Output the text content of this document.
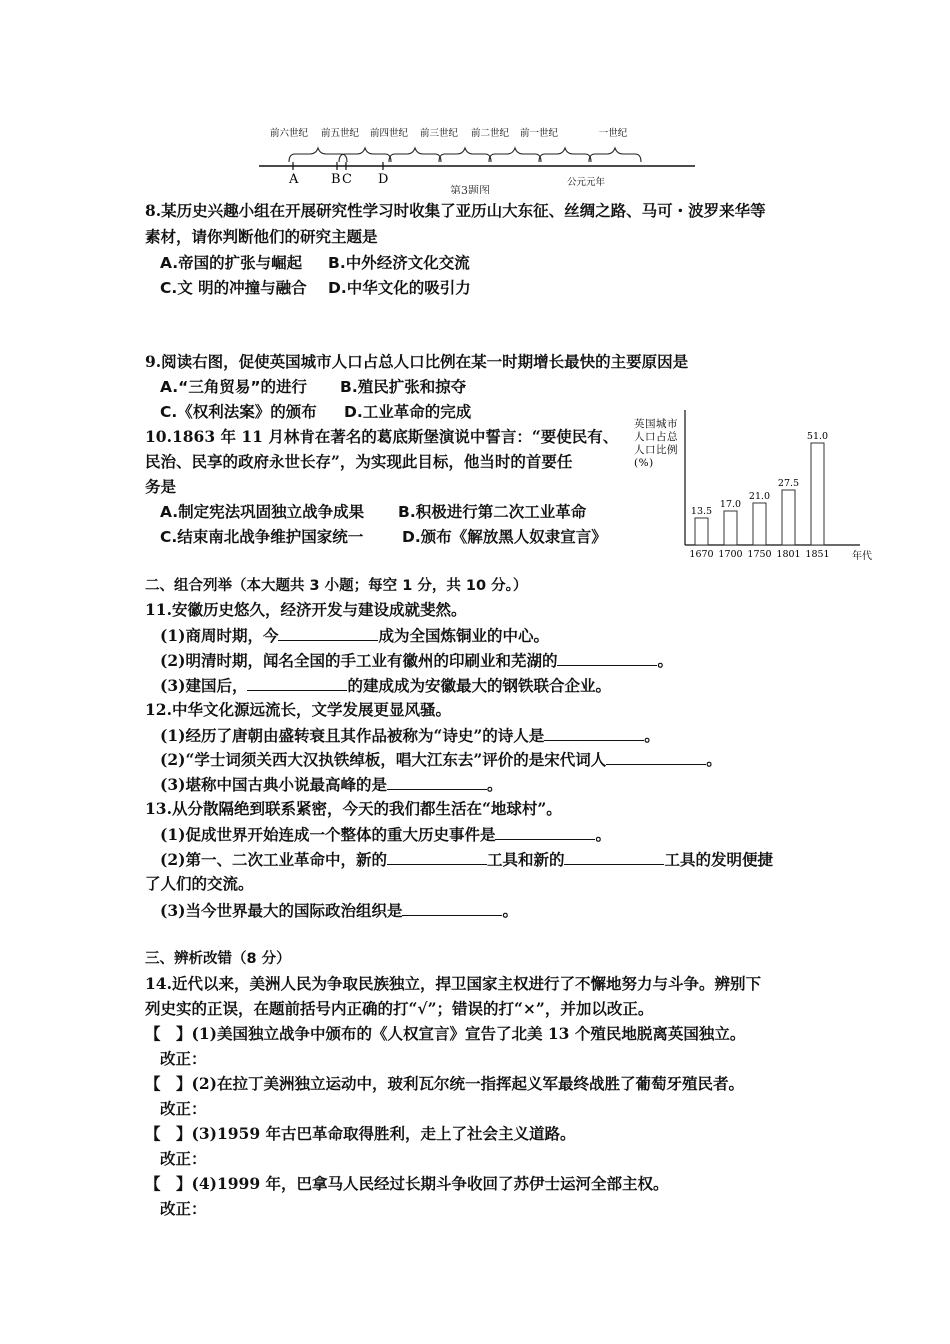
前六世纪 前五世纪 前四世纪 前三世纪 前二世纪 前一世纪	一世纪
A	B C D	公元元年
第3题图
8.某历史兴趣小组在开展研究性学习时收集了亚历山大东征、丝绸之路、马可・波罗来华等
素材，请你判断他们的研究主题是
A.帝国的扩张与崛起 B.中外经济文化交流
C.文 明的冲撞与融合 D.中华文化的吸引力
9.阅读右图，促使英国城市人口占总人口比例在某一时期增长最快的主要原因是
A.“三角贸易”的进行 B.殖民扩张和掠夺
C.《权利法案》的颁布 D.工业革命的完成
10.1863 年 11 月林肯在著名的葛底斯堡演说中誓言：“要使民有、
民治、民享的政府永世长存”，为实现此目标，他当时的首要任
务是
A.制定宪法巩固独立战争成果 B.积极进行第二次工业革命
C.结束南北战争维护国家统一 D.颁布《解放黑人奴隶宣言》
英国城市
人口占总
人口比例
(%)
年代
13.5
1670
17.0
1700
21.0
1750
27.5
1801
51.0
1851
二、组合列举（本大题共 3 小题；每空 1 分，共 10 分。）
11.安徽历史悠久，经济开发与建设成就斐然。
(1)商周时期，今	成为全国炼铜业的中心。
(2)明清时期，闻名全国的手工业有徽州的印刷业和芜湖的	。
(3)建国后，	的建成成为安徽最大的钢铁联合企业。
12.中华文化源远流长，文学发展更显风骚。
(1)经历了唐朝由盛转衰且其作品被称为“诗史”的诗人是	。
(2)“学士词须关西大汉执铁绰板，唱大江东去”评价的是宋代词人	。
(3)堪称中国古典小说最高峰的是	。
13.从分散隔绝到联系紧密，今天的我们都生活在“地球村”。
(1)促成世界开始连成一个整体的重大历史事件是	。
(2)第一、二次工业革命中，新的	工具和新的	工具的发明便捷
了人们的交流。
(3)当今世界最大的国际政治组织是	。
三、辨析改错（8 分）
14.近代以来，美洲人民为争取民族独立，捍卫国家主权进行了不懈地努力与斗争。辨别下
列史实的正误，在题前括号内正确的打“√”；错误的打“×”，并加以改正。
【　】(1)美国独立战争中颁布的《人权宣言》宣告了北美 13 个殖民地脱离英国独立。
改正：
【　】(2)在拉丁美洲独立运动中，玻利瓦尔统一指挥起义军最终战胜了葡萄牙殖民者。
改正：
【　】(3)1959 年古巴革命取得胜利，走上了社会主义道路。
改正：
【　】(4)1999 年，巴拿马人民经过长期斗争收回了苏伊士运河全部主权。
改正：
